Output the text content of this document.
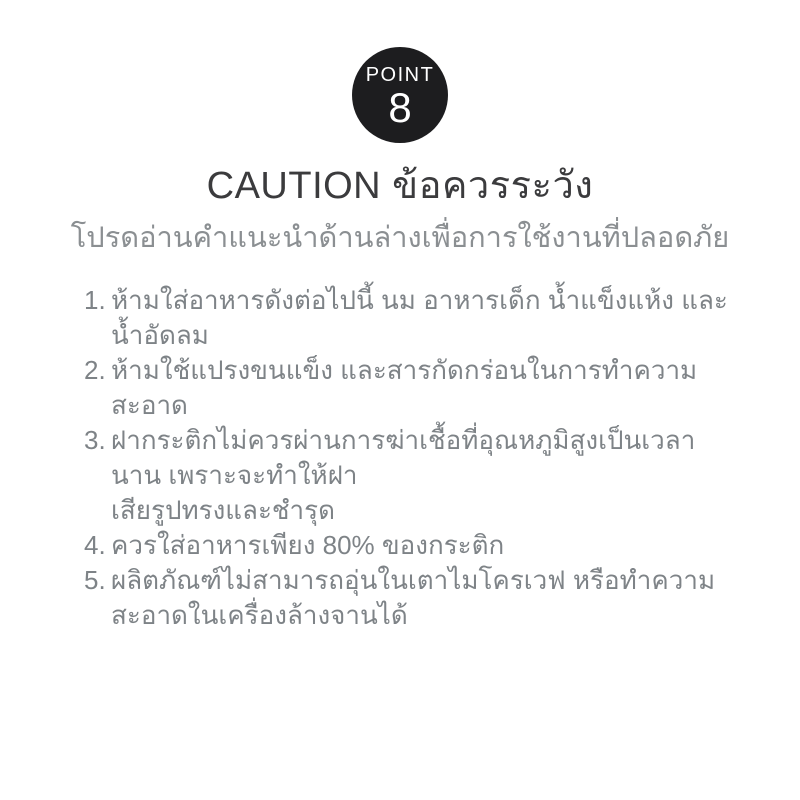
POINT
8
CAUTION ข้อควรระวัง

โปรดอ่านคำแนะนำด้านล่างเพื่อการใช้งานที่ปลอดภัย

1. ห้ามใส่อาหารดังต่อไปนี้ นม อาหารเด็ก น้ำแข็งแห้ง และน้ำอัดลม
2. ห้ามใช้แปรงขนแข็ง และสารกัดกร่อนในการทำความสะอาด
3. ฝากระติกไม่ควรผ่านการฆ่าเชื้อที่อุณหภูมิสูงเป็นเวลานาน เพราะจะทำให้ฝา
เสียรูปทรงและชำรุด
4. ควรใส่อาหารเพียง 80% ของกระติก
5. ผลิตภัณฑ์ไม่สามารถอุ่นในเตาไมโครเวฟ หรือทำความสะอาดในเครื่องล้างจานได้
